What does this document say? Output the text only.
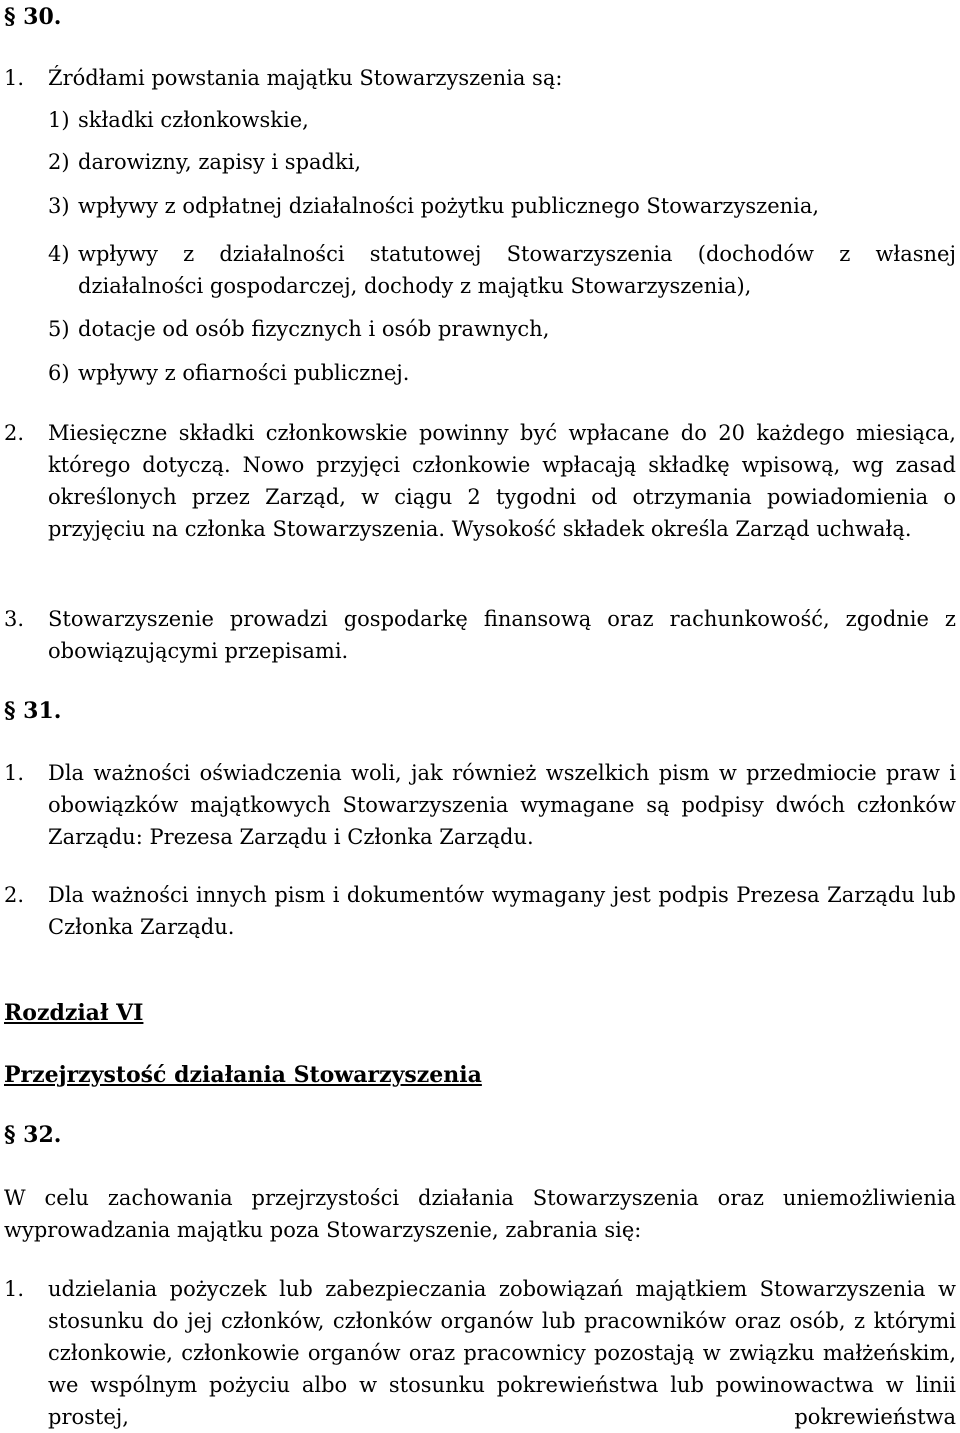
§ 30.
1.	Źródłami powstania majątku Stowarzyszenia są:
1) składki członkowskie,
2) darowizny, zapisy i spadki,
3) wpływy z odpłatnej działalności pożytku publicznego Stowarzyszenia,
4) wpływy z działalności statutowej Stowarzyszenia (dochodów z własnej działalności gospodarczej, dochody z majątku Stowarzyszenia),
5) dotacje od osób fizycznych i osób prawnych,
6) wpływy z ofiarności publicznej.
2.	Miesięczne składki członkowskie powinny być wpłacane do 20 każdego miesiąca, którego dotyczą. Nowo przyjęci członkowie wpłacają składkę wpisową, wg zasad określonych przez Zarząd, w ciągu 2 tygodni od otrzymania powiadomienia o przyjęciu na członka Stowarzyszenia. Wysokość składek określa Zarząd uchwałą.
3.	Stowarzyszenie prowadzi gospodarkę finansową oraz rachunkowość, zgodnie z obowiązującymi przepisami.
§ 31.
1.	Dla ważności oświadczenia woli, jak również wszelkich pism w przedmiocie praw i obowiązków majątkowych Stowarzyszenia wymagane są podpisy dwóch członków Zarządu: Prezesa Zarządu i Członka Zarządu.
2.	Dla ważności innych pism i dokumentów wymagany jest podpis Prezesa Zarządu lub Członka Zarządu.
Rozdział VI
Przejrzystość działania Stowarzyszenia
§ 32.
W celu zachowania przejrzystości działania Stowarzyszenia oraz uniemożliwienia wyprowadzania majątku poza Stowarzyszenie, zabrania się:
1.	udzielania pożyczek lub zabezpieczania zobowiązań majątkiem Stowarzyszenia w stosunku do jej członków, członków organów lub pracowników oraz osób, z którymi członkowie, członkowie organów oraz pracownicy pozostają w związku małżeńskim, we wspólnym pożyciu albo w stosunku pokrewieństwa lub powinowactwa w linii prostej, pokrewieństwa
